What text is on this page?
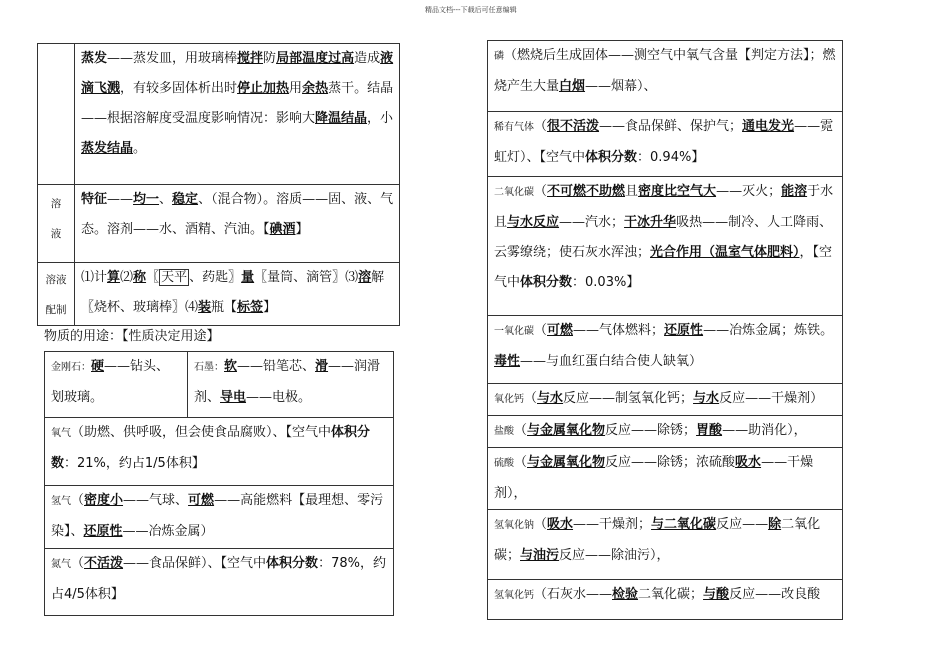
精品文档---下载后可任意编辑
	蒸发——蒸发皿，用玻璃棒搅拌防局部温度过高造成液滴飞溅，有较多固体析出时停止加热用余热蒸干。结晶——根据溶解度受温度影响情况：影响大降温结晶，小蒸发结晶。

溶
液	特征——均一、稳定、（混合物）。溶质——固、液、气态。溶剂——水、酒精、汽油。【碘酒】

溶液
配制	⑴计算⑵称〖 天平 、药匙〗量〖量筒、滴管〗⑶溶解〖烧杯、玻璃棒〗⑷装瓶【标签】
物质的用途：【性质决定用途】
金刚石：硬——钻头、划玻璃。	石墨：软——铅笔芯、滑——润滑剂、导电——电极。
氧气（助燃、供呼吸，但会使食品腐败）、【空气中体积分数：21%，约占1/5体积】
氢气（密度小——气球、可燃——高能燃料【最理想、零污染】、还原性——冶炼金属）
氮气（不活泼——食品保鲜）、【空气中体积分数：78%，约占4/5体积】
磷（燃烧后生成固体——测空气中氧气含量【判定方法】；燃烧产生大量白烟——烟幕）、
稀有气体（很不活泼——食品保鲜、保护气；通电发光——霓虹灯）、【空气中体积分数：0.94%】
二氧化碳（不可燃不助燃且密度比空气大——灭火；能溶于水且与水反应——汽水；干冰升华吸热——制冷、人工降雨、云雾缭绕；使石灰水浑浊；光合作用（温室气体肥料），【空气中体积分数：0.03%】
一氧化碳（可燃——气体燃料；还原性——冶炼金属；炼铁。毒性——与血红蛋白结合使人缺氧）
氧化钙（与水反应——制氢氧化钙；与水反应——干燥剂）
盐酸（与金属氧化物反应——除锈；胃酸——助消化），
硫酸（与金属氧化物反应——除锈；浓硫酸吸水——干燥剂），
氢氧化钠（吸水——干燥剂；与二氧化碳反应——除二氧化碳；与油污反应——除油污），
氢氧化钙（石灰水——检验二氧化碳；与酸反应——改良酸
